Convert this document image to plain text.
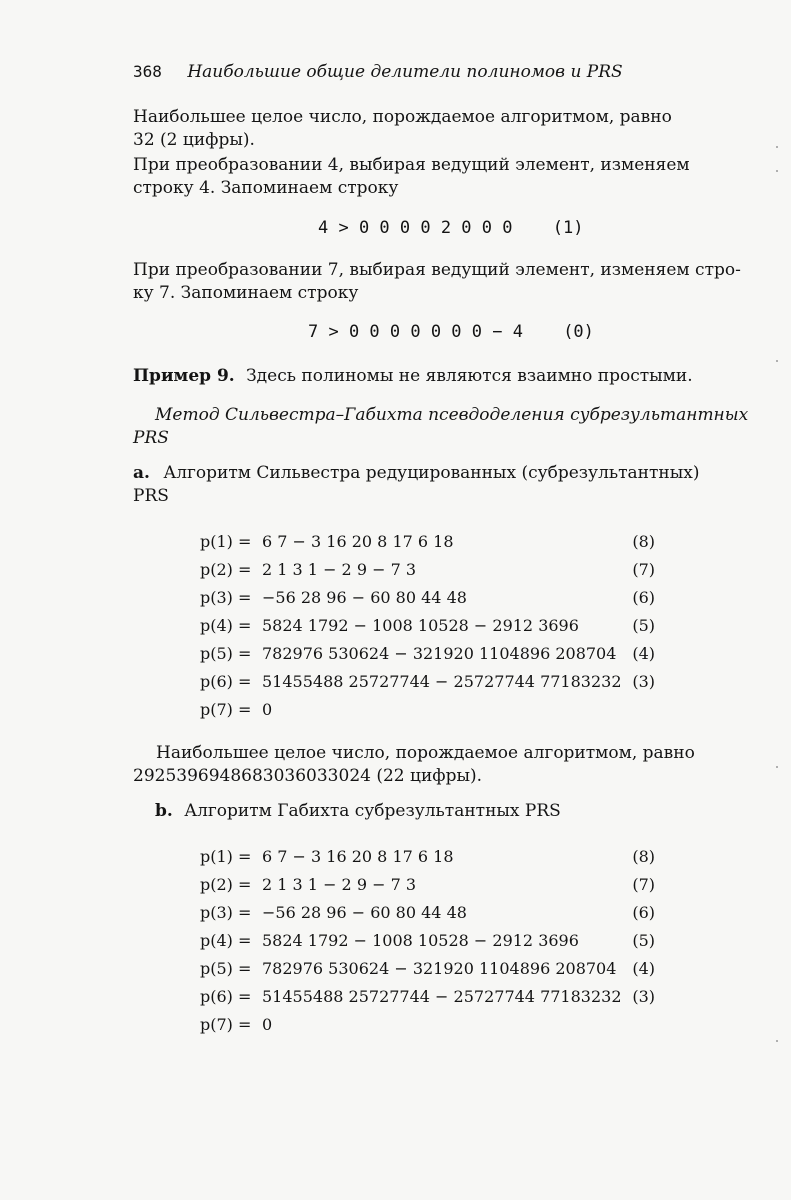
368 Наибольшие общие делители полиномов и PRS
Наибольшее целое число, порождаемое алгоритмом, равно
32 (2 цифры).
При преобразовании 4, выбирая ведущий элемент, изменяем
строку 4. Запоминаем строку
4 > 0 0 0 0 2 0 0 0 (1)
При преобразовании 7, выбирая ведущий элемент, изменяем стро-
ку 7. Запоминаем строку
7 > 0 0 0 0 0 0 0 − 4 (0)
Пример 9. Здесь полиномы не являются взаимно простыми.
Метод Сильвестра–Габихта псевдоделения субрезультантных
PRS
a. Алгоритм Сильвестра редуцированных (субрезультантных)
PRS
p(1) = 6 7 − 3 16 20 8 17 6 18	(8)
p(2) = 2 1 3 1 − 2 9 − 7 3	(7)
p(3) = −56 28 96 − 60 80 44 48	(6)
p(4) = 5824 1792 − 1008 10528 − 2912 3696	(5)
p(5) = 782976 530624 − 321920 1104896 208704 (4)
p(6) = 51455488 25727744 − 25727744 77183232 (3)
p(7) = 0
Наибольшее целое число, порождаемое алгоритмом, равно
2925396948683036033024 (22 цифры).
b. Алгоритм Габихта субрезультантных PRS
p(1) = 6 7 − 3 16 20 8 17 6 18	(8)
p(2) = 2 1 3 1 − 2 9 − 7 3	(7)
p(3) = −56 28 96 − 60 80 44 48	(6)
p(4) = 5824 1792 − 1008 10528 − 2912 3696	(5)
p(5) = 782976 530624 − 321920 1104896 208704 (4)
p(6) = 51455488 25727744 − 25727744 77183232 (3)
p(7) = 0
